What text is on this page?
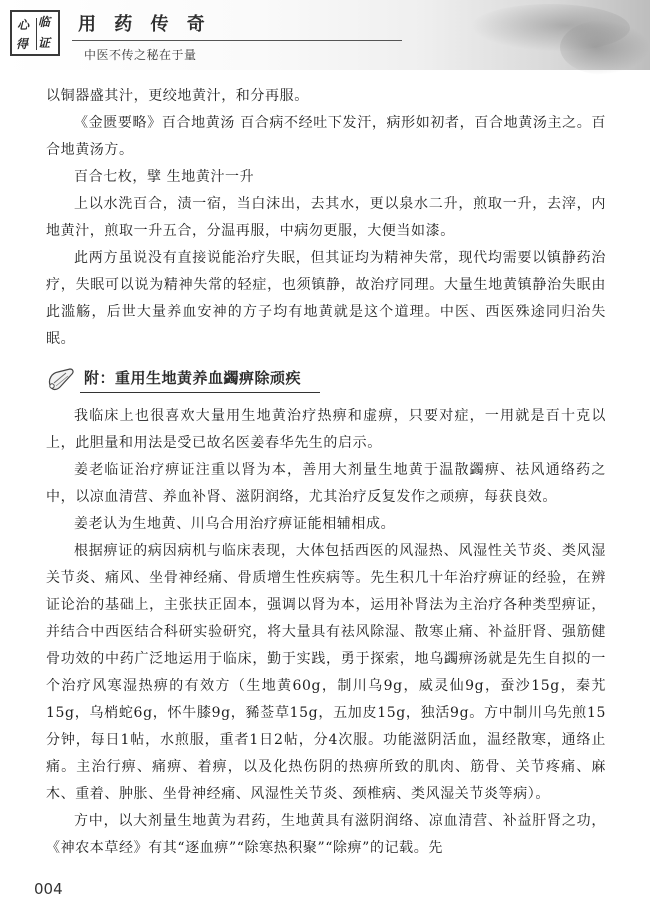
心 临
得 证
用 药 传 奇
中医不传之秘在于量

以铜器盛其汁，更绞地黄汁，和分再服。

《金匮要略》百合地黄汤 百合病不经吐下发汗，病形如初者，百合地黄汤主之。百合地黄汤方。

百合七枚，擘 生地黄汁一升

上以水洗百合，渍一宿，当白沫出，去其水，更以泉水二升，煎取一升，去滓，内地黄汁，煎取一升五合，分温再服，中病勿更服，大便当如漆。

此两方虽说没有直接说能治疗失眠，但其证均为精神失常，现代均需要以镇静药治疗，失眠可以说为精神失常的轻症，也须镇静，故治疗同理。大量生地黄镇静治失眠由此滥觞，后世大量养血安神的方子均有地黄就是这个道理。中医、西医殊途同归治失眠。

附：重用生地黄养血蠲痹除顽疾

我临床上也很喜欢大量用生地黄治疗热痹和虚痹，只要对症，一用就是百十克以上，此胆量和用法是受已故名医姜春华先生的启示。

姜老临证治疗痹证注重以肾为本，善用大剂量生地黄于温散蠲痹、祛风通络药之中，以凉血清营、养血补肾、滋阴润络，尤其治疗反复发作之顽痹，每获良效。

姜老认为生地黄、川乌合用治疗痹证能相辅相成。

根据痹证的病因病机与临床表现，大体包括西医的风湿热、风湿性关节炎、类风湿关节炎、痛风、坐骨神经痛、骨质增生性疾病等。先生积几十年治疗痹证的经验，在辨证论治的基础上，主张扶正固本，强调以肾为本，运用补肾法为主治疗各种类型痹证，并结合中西医结合科研实验研究，将大量具有祛风除湿、散寒止痛、补益肝肾、强筋健骨功效的中药广泛地运用于临床，勤于实践，勇于探索，地乌蠲痹汤就是先生自拟的一个治疗风寒湿热痹的有效方（生地黄60g，制川乌9g，威灵仙9g，蚕沙15g，秦艽15g，乌梢蛇6g，怀牛膝9g，豨莶草15g，五加皮15g，独活9g。方中制川乌先煎15分钟，每日1帖，水煎服，重者1日2帖，分4次服。功能滋阴活血，温经散寒，通络止痛。主治行痹、痛痹、着痹，以及化热伤阴的热痹所致的肌肉、筋骨、关节疼痛、麻木、重着、肿胀、坐骨神经痛、风湿性关节炎、颈椎病、类风湿关节炎等病）。

方中，以大剂量生地黄为君药，生地黄具有滋阴润络、凉血清营、补益肝肾之功，《神农本草经》有其“逐血痹”“除寒热积聚”“除痹”的记载。先

004
